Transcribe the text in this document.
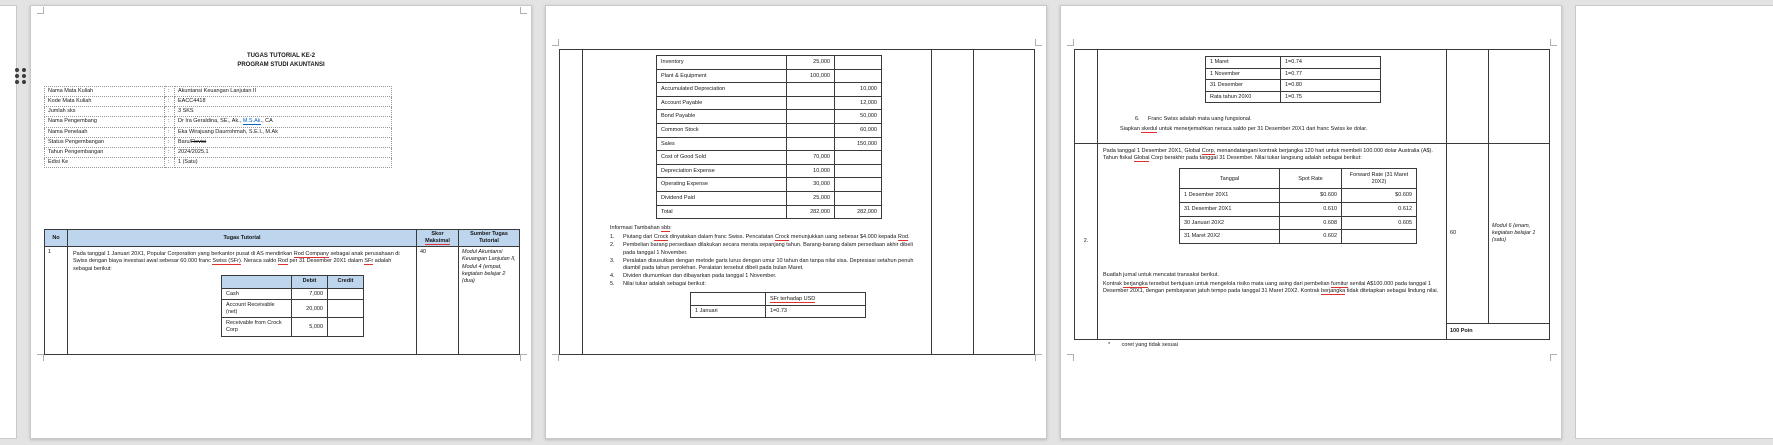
TUGAS TUTORIAL KE-2
PROGRAM STUDI AKUNTANSI
Nama Mata Kuliah	:	Akuntansi Keuangan Lanjutan II
Kode Mata Kuliah	:	EACC4418
Jumlah sks	:	3 SKS
Nama Pengembang	:	Dr Ira Geraldina, SE., Ak., M.S.Ak., CA
Nama Penelaah	:	Eka Wirajuang Daurrohmah, S.E.I., M.Ak
Status Pengembangan	:	Baru/Revisi
Tahun Pengembangan	:	2024/2025.1
Edisi Ke	:	1 (Satu)
No	Tugas Tutorial	Skor Maksimal	Sumber Tugas Tutorial
1	Pada tanggal 1 Januari 20X1, Popular Corporation yang berkantor pusat di AS mendirikan Rod Company sebagai anak perusahaan di Swiss dengan biaya investasi awal sebesar 60.000 franc Swiss (SFr). Neraca saldo Rod per 31 Desember 20X1 dalam SFr adalah sebagai berikut:
	Debit	Credit
Cash	7,000	
Account Receivable (net)	20,000	
Receivable from Crock Corp	5,000	
	40	Modul Akuntansi Keuangan Lanjutan II, Modul 4 (empat, kegiatan belajar 2 (dua)

Inventory	25,000	
Plant & Equipment	100,000	
Accumulated Depreciation		10,000
Account Payable		12,000
Bond Payable		50,000
Common Stock		60,000
Sales		150,000
Cost of Good Sold	70,000	
Depreciation Expense	10,000	
Operating Expense	30,000	
Dividend Paid	25,000	
Total	282,000	282,000
Informasi Tambahan sbb:
1.	Piutang dari Crock dinyatakan dalam franc Swiss. Pencatatan Crock menunjukkan uang sebesar $4.000 kepada Rod.
2.	Pembelian barang persediaan dilakukan secara merata sepanjang tahun. Barang-barang dalam persediaan akhir dibeli pada tanggal 1 November.
3.	Peralatan disusutkan dengan metode garis lurus dengan umur 10 tahun dan tanpa nilai sisa. Depresiasi setahun penuh diambil pada tahun perolehan. Peralatan tersebut dibeli pada bulan Maret.
4.	Dividen diumumkan dan dibayarkan pada tanggal 1 November.
5.	Nilai tukar adalah sebagai berikut:
	SFr terhadap USD
1 Januari	1=0.73

1 Maret	1=0.74
1 November	1=0.77
31 Desember	1=0.80
Rata tahun 20X0	1=0.75
6.	Franc Swiss adalah mata uang fungsional.
Siapkan skedul untuk menerjemahkan neraca saldo per 31 Desember 20X1 dari franc Swiss ke dolar.

2.	
Pada tanggal 1 Desember 20X1, Global Corp, menandatangani kontrak berjangka 120 hari untuk membeli 100.000 dolar Australia (A$). Tahun fiskal Global Corp berakhir pada tanggal 31 Desember. Nilai tukar langsung adalah sebagai berikut:
Tanggal	Spot Rate	Forward Rate (31 Maret 20X2)
1 Desember 20X1	$0.600	$0.609
31 Desember 20X1	0.610	0.612
30 Januari 20X2	0.608	0.605
31 Maret 20X2	0.602	
Buatlah jurnal untuk mencatat transaksi berikut.
Kontrak berjangka tersebut bertujuan untuk mengelola risiko mata uang asing dari pembelian furnitur senilai A$100.000 pada tanggal 1 Desember 20X1, dengan pembayaran jatuh tempo pada tanggal 31 Maret 20X2. Kontrak berjangka tidak ditetapkan sebagai lindung nilai.
	60	Modul 6 (enam, kegiatan belajar 1 (satu)
100 Poin
* coret yang tidak sesuai
